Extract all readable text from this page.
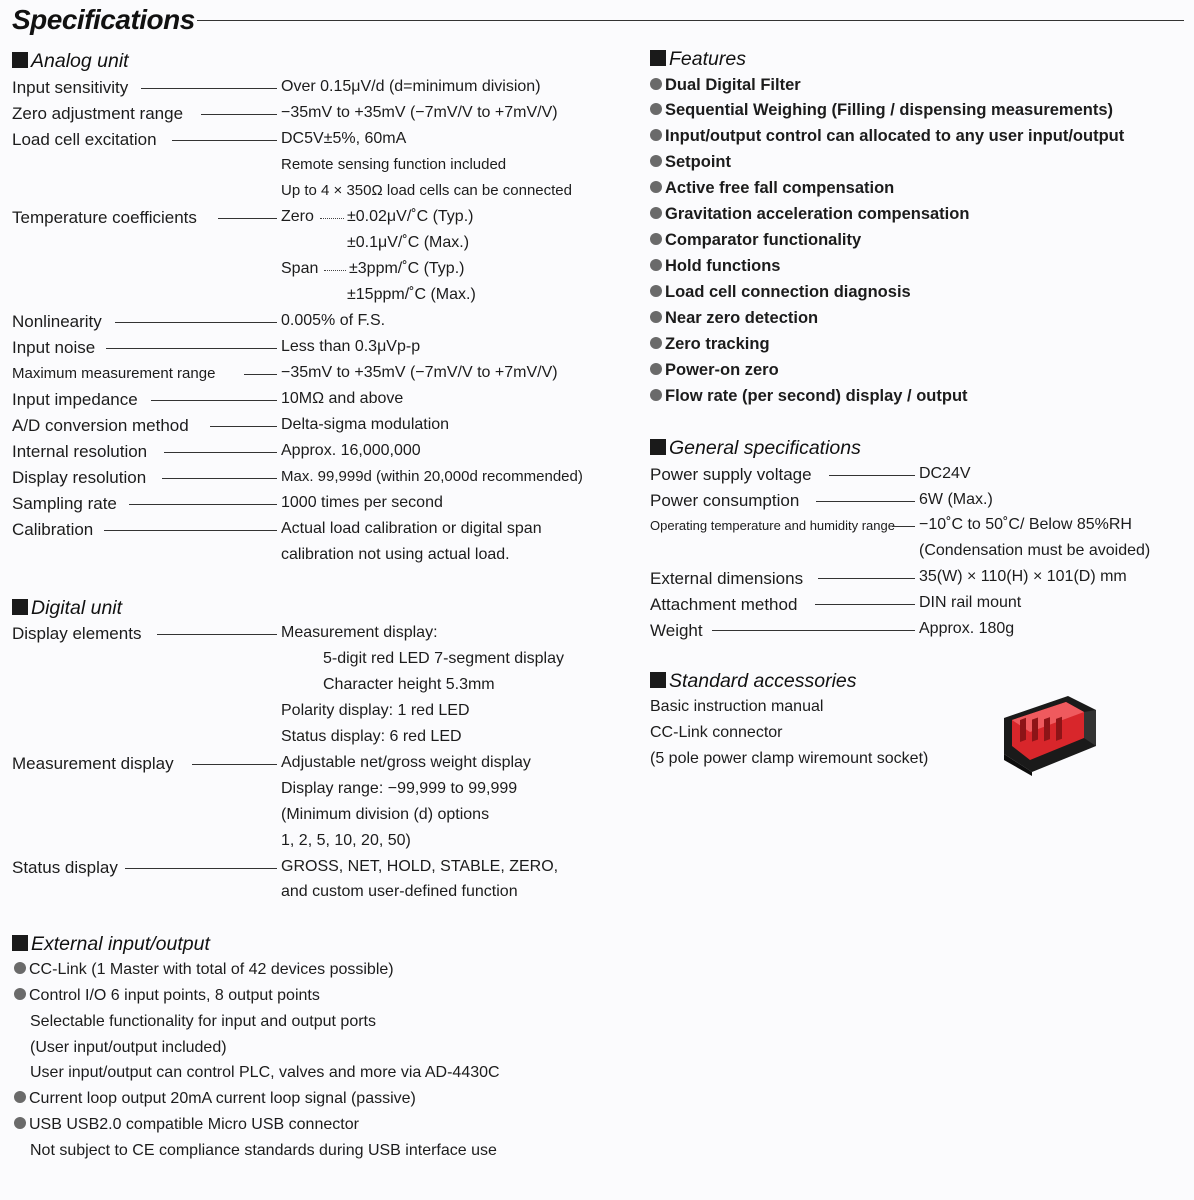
Specifications
Analog unit
Input sensitivity	Over 0.15μV/d (d=minimum division)
Zero adjustment range	−35mV to +35mV (−7mV/V to +7mV/V)
Load cell excitation	DC5V±5%, 60mA
Remote sensing function included
Up to 4 × 350Ω load cells can be connected
Temperature coefficients	Zero ±0.02μV/˚C (Typ.)
±0.1μV/˚C (Max.)
Span ±3ppm/˚C (Typ.)
±15ppm/˚C (Max.)
Nonlinearity	0.005% of F.S.
Input noise	Less than 0.3μVp-p
Maximum measurement range	−35mV to +35mV (−7mV/V to +7mV/V)
Input impedance	10MΩ and above
A/D conversion method	Delta-sigma modulation
Internal resolution	Approx. 16,000,000
Display resolution	Max. 99,999d (within 20,000d recommended)
Sampling rate	1000 times per second
Calibration	Actual load calibration or digital span
calibration not using actual load.
Digital unit
Display elements	Measurement display:
5-digit red LED 7-segment display
Character height 5.3mm
Polarity display: 1 red LED
Status display: 6 red LED
Measurement display	Adjustable net/gross weight display
Display range: −99,999 to 99,999
(Minimum division (d) options
1, 2, 5, 10, 20, 50)
Status display	GROSS, NET, HOLD, STABLE, ZERO,
and custom user-defined function
External input/output
CC-Link (1 Master with total of 42 devices possible)
Control I/O 6 input points, 8 output points
Selectable functionality for input and output ports
(User input/output included)
User input/output can control PLC, valves and more via AD-4430C
Current loop output 20mA current loop signal (passive)
USB USB2.0 compatible Micro USB connector
Not subject to CE compliance standards during USB interface use
Features
Dual Digital Filter
Sequential Weighing (Filling / dispensing measurements)
Input/output control can allocated to any user input/output
Setpoint
Active free fall compensation
Gravitation acceleration compensation
Comparator functionality
Hold functions
Load cell connection diagnosis
Near zero detection
Zero tracking
Power-on zero
Flow rate (per second) display / output
General specifications
Power supply voltage	DC24V
Power consumption	6W (Max.)
Operating temperature and humidity range −10˚C to 50˚C/ Below 85%RH
(Condensation must be avoided)
External dimensions	35(W) × 110(H) × 101(D) mm
Attachment method	DIN rail mount
Weight	Approx. 180g
Standard accessories
Basic instruction manual
CC-Link connector
(5 pole power clamp wiremount socket)
